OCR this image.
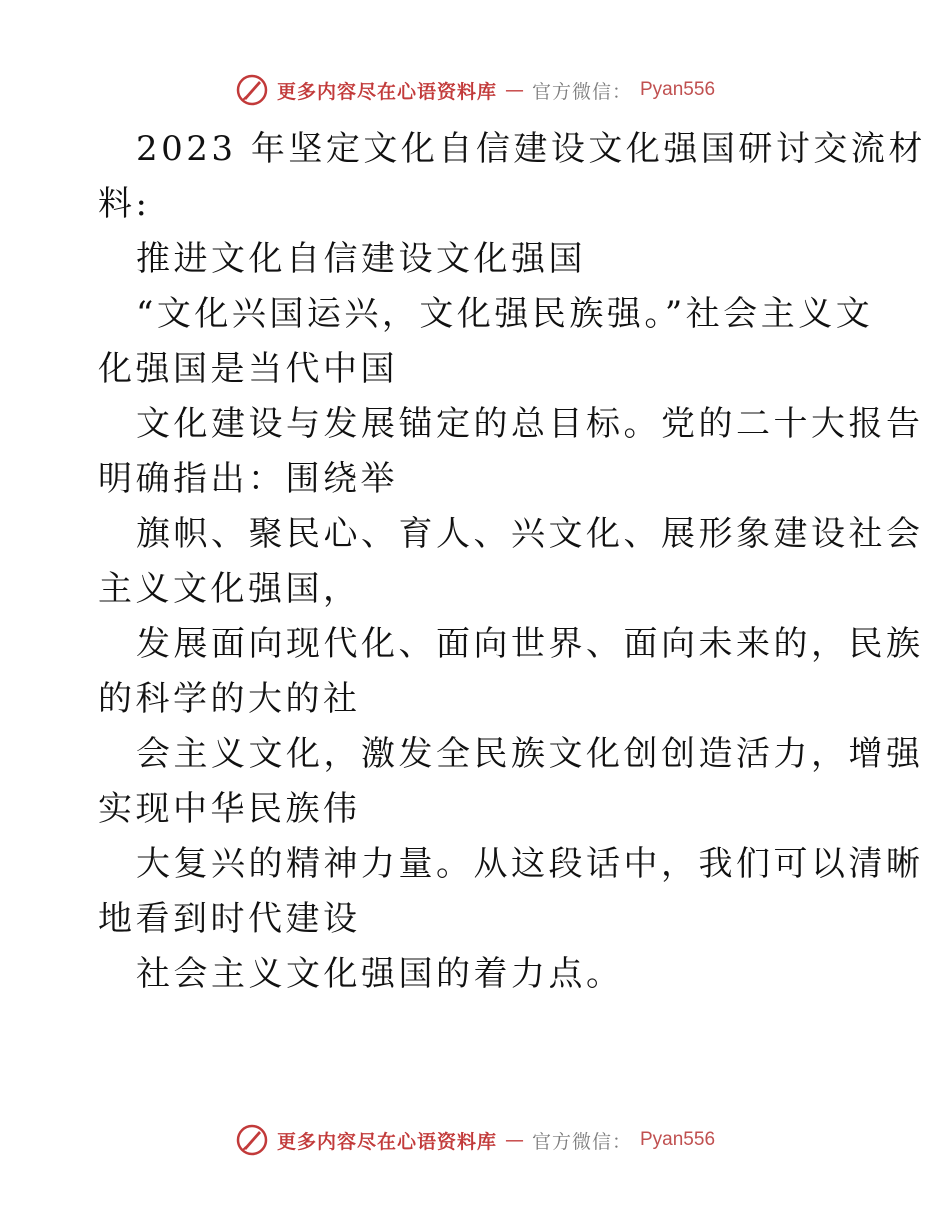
更多内容尽在心语资料库 — 官方微信： Pyan556

2023 年坚定文化自信建设文化强国研讨交流材
料:

推进文化自信建设文化强国

“文化兴国运兴，文化强民族强。”社会主义文
化强国是当代中国

文化建设与发展锚定的总目标。党的二十大报告
明确指出：围绕举

旗帜、聚民心、育人、兴文化、展形象建设社会
主义文化强国，

发展面向现代化、面向世界、面向未来的，民族
的科学的大的社

会主义文化，激发全民族文化创创造活力，增强
实现中华民族伟

大复兴的精神力量。从这段话中，我们可以清晰
地看到时代建设

社会主义文化强国的着力点。

更多内容尽在心语资料库 — 官方微信： Pyan556
